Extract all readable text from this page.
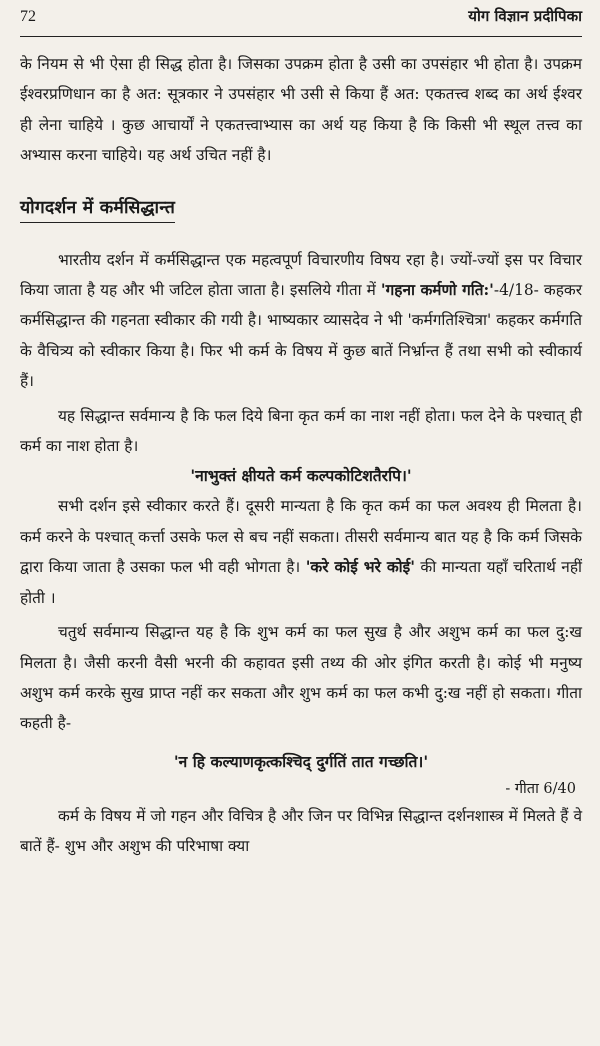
72	योग विज्ञान प्रदीपिका

के नियम से भी ऐसा ही सिद्ध होता है। जिसका उपक्रम होता है उसी का उपसंहार भी होता है। उपक्रम ईश्वरप्रणिधान का है अत: सूत्रकार ने उपसंहार भी उसी से किया हैं अत: एकतत्त्व शब्द का अर्थ ईश्वर ही लेना चाहिये । कुछ आचार्यों ने एकतत्त्वाभ्यास का अर्थ यह किया है कि किसी भी स्थूल तत्त्व का अभ्यास करना चाहिये। यह अर्थ उचित नहीं है।

योगदर्शन में कर्मसिद्धान्त

भारतीय दर्शन में कर्मसिद्धान्त एक महत्वपूर्ण विचारणीय विषय रहा है। ज्यों-ज्यों इस पर विचार किया जाता है यह और भी जटिल होता जाता है। इसलिये गीता में 'गहना कर्मणो गति:'-4/18- कहकर कर्मसिद्धान्त की गहनता स्वीकार की गयी है। भाष्यकार व्यासदेव ने भी 'कर्मगतिश्चित्रा' कहकर कर्मगति के वैचित्र्य को स्वीकार किया है। फिर भी कर्म के विषय में कुछ बातें निर्भ्रान्त हैं तथा सभी को स्वीकार्य हैं।

यह सिद्धान्त सर्वमान्य है कि फल दिये बिना कृत कर्म का नाश नहीं होता। फल देने के पश्चात् ही कर्म का नाश होता है।

'नाभुक्तं क्षीयते कर्म कल्पकोटिशतैरपि।'

सभी दर्शन इसे स्वीकार करते हैं। दूसरी मान्यता है कि कृत कर्म का फल अवश्य ही मिलता है। कर्म करने के पश्चात् कर्त्ता उसके फल से बच नहीं सकता। तीसरी सर्वमान्य बात यह है कि कर्म जिसके द्वारा किया जाता है उसका फल भी वही भोगता है। 'करे कोई भरे कोई' की मान्यता यहाँ चरितार्थ नहीं होती ।

चतुर्थ सर्वमान्य सिद्धान्त यह है कि शुभ कर्म का फल सुख है और अशुभ कर्म का फल दु:ख मिलता है। जैसी करनी वैसी भरनी की कहावत इसी तथ्य की ओर इंगित करती है। कोई भी मनुष्य अशुभ कर्म करके सुख प्राप्त नहीं कर सकता और शुभ कर्म का फल कभी दु:ख नहीं हो सकता। गीता कहती है-

'न हि कल्याणकृत्कश्चिद् दुर्गतिं तात गच्छति।'
- गीता 6/40

कर्म के विषय में जो गहन और विचित्र है और जिन पर विभिन्न सिद्धान्त दर्शनशास्त्र में मिलते हैं वे बातें हैं- शुभ और अशुभ की परिभाषा क्या
